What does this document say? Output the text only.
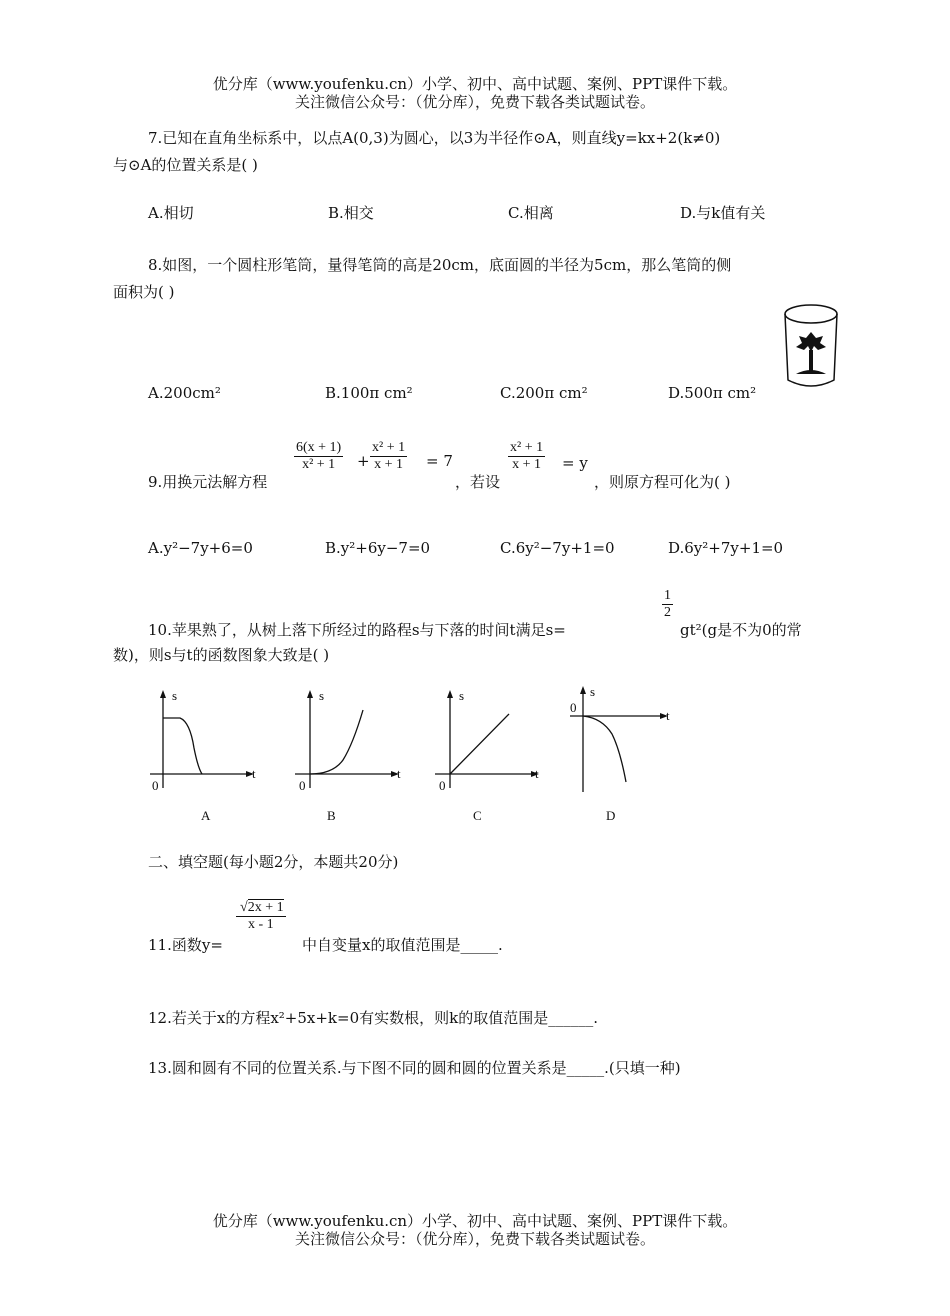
优分库（www.youfenku.cn）小学、初中、高中试题、案例、PPT课件下载。
关注微信公众号：（优分库），免费下载各类试题试卷。
7.已知在直角坐标系中，以点A(0,3)为圆心，以3为半径作⊙A，则直线y=kx+2(k≠0)
与⊙A的位置关系是( )
A.相切	B.相交	C.相离	D.与k值有关
8.如图，一个圆柱形笔筒，量得笔筒的高是20cm，底面圆的半径为5cm，那么笔筒的侧
面积为( )
A.200cm²	B.100π cm²	C.200π cm²	D.500π cm²
9.用换元法解方程
$\frac{6(x + 1)}{\text{x² + 1}} + \frac{\text{x² + 1}}{x + 1} = 7$
，若设
$\frac{\text{x² + 1}}{x + 1} = y$
，则原方程可化为( )
A.y²−7y+6=0	B.y²+6y−7=0	C.6y²−7y+1=0	D.6y²+7y+1=0
10.苹果熟了，从树上落下所经过的路程s与下落的时间t满足s=
$\frac{1}{2}$
gt²(g是不为0的常
数)，则s与t的函数图象大致是( )
s
t
0
A
s
t
0
B
s
t
0
C
s
t
0
D
二、填空题(每小题2分，本题共20分)
11.函数y=
$\frac{√2x + 1}{x - 1}$
中自变量x的取值范围是_____.
12.若关于x的方程x²+5x+k=0有实数根，则k的取值范围是______.
13.圆和圆有不同的位置关系.与下图不同的圆和圆的位置关系是_____.(只填一种)
优分库（www.youfenku.cn）小学、初中、高中试题、案例、PPT课件下载。
关注微信公众号：（优分库），免费下载各类试题试卷。
